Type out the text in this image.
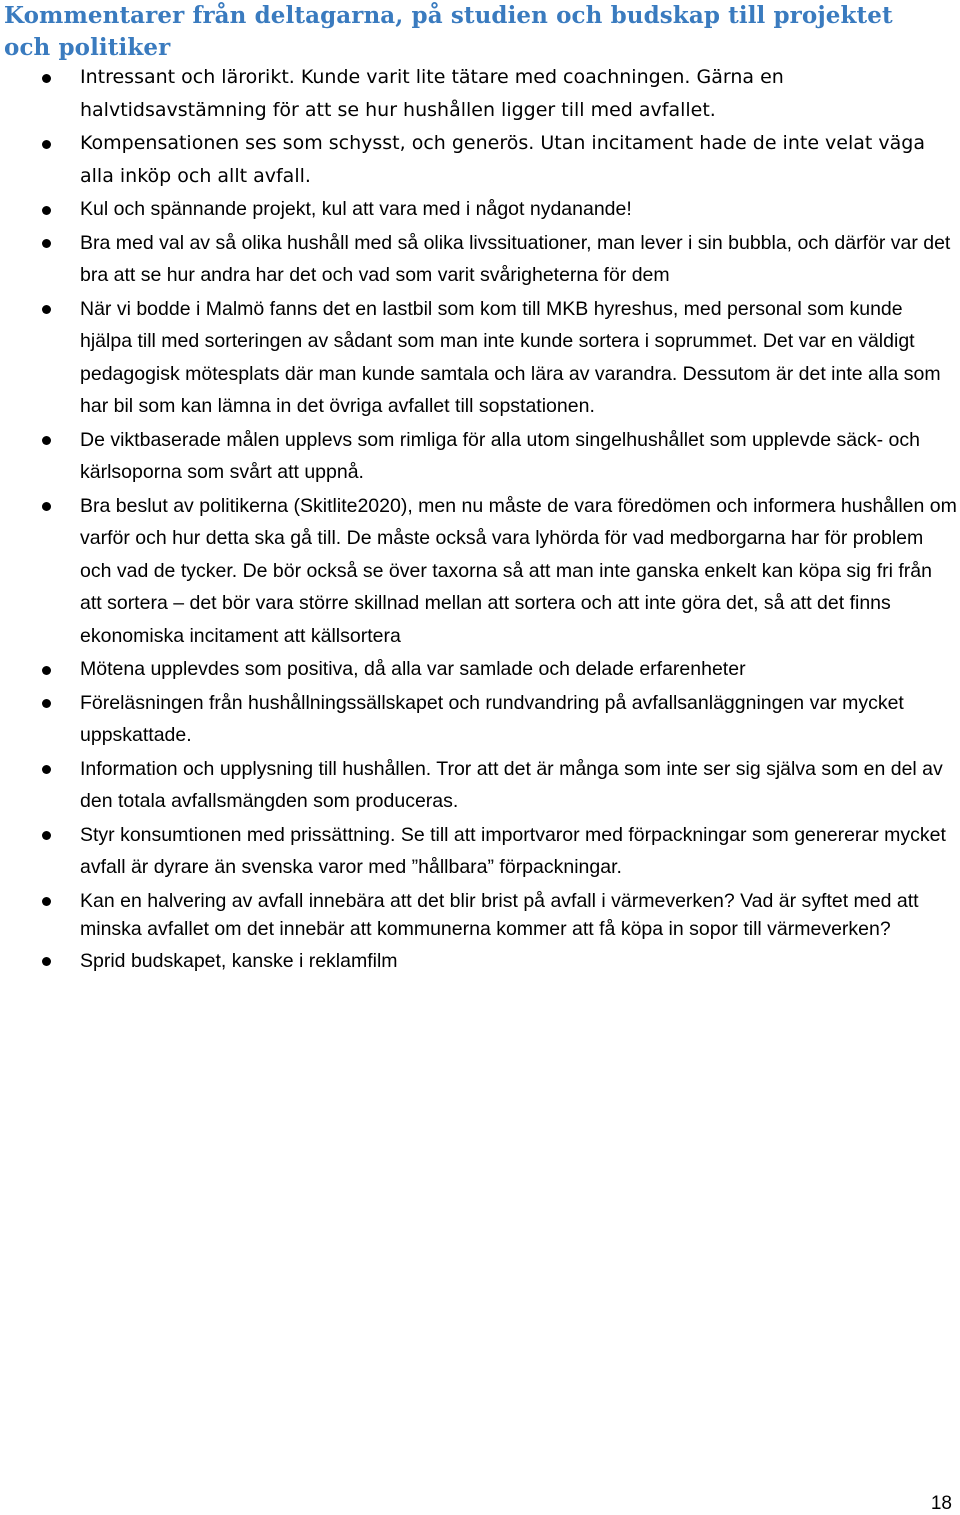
Kommentarer från deltagarna, på studien och budskap till projektet och politiker
Intressant och lärorikt. Kunde varit lite tätare med coachningen. Gärna en halvtidsavstämning för att se hur hushållen ligger till med avfallet.
Kompensationen ses som schysst, och generös. Utan incitament hade de inte velat väga alla inköp och allt avfall.
Kul och spännande projekt, kul att vara med i något nydanande!
Bra med val av så olika hushåll med så olika livssituationer, man lever i sin bubbla, och därför var det bra att se hur andra har det och vad som varit svårigheterna för dem
När vi bodde i Malmö fanns det en lastbil som kom till MKB hyreshus, med personal som kunde hjälpa till med sorteringen av sådant som man inte kunde sortera i soprummet. Det var en väldigt pedagogisk mötesplats där man kunde samtala och lära av varandra. Dessutom är det inte alla som har bil som kan lämna in det övriga avfallet till sopstationen.
De viktbaserade målen upplevs som rimliga för alla utom singelhushållet som upplevde säck- och kärlsoporna som svårt att uppnå.
Bra beslut av politikerna (Skitlite2020), men nu måste de vara föredömen och informera hushållen om varför och hur detta ska gå till. De måste också vara lyhörda för vad medborgarna har för problem och vad de tycker. De bör också se över taxorna så att man inte ganska enkelt kan köpa sig fri från att sortera – det bör vara större skillnad mellan att sortera och att inte göra det, så att det finns ekonomiska incitament att källsortera
Mötena upplevdes som positiva, då alla var samlade och delade erfarenheter
Föreläsningen från hushållningssällskapet och rundvandring på avfallsanläggningen var mycket uppskattade.
Information och upplysning till hushållen. Tror att det är många som inte ser sig själva som en del av den totala avfallsmängden som produceras.
Styr konsumtionen med prissättning. Se till att importvaror med förpackningar som genererar mycket avfall är dyrare än svenska varor med ”hållbara” förpackningar.
Kan en halvering av avfall innebära att det blir brist på avfall i värmeverken? Vad är syftet med att minska avfallet om det innebär att kommunerna kommer att få köpa in sopor till värmeverken?
Sprid budskapet, kanske i reklamfilm
18
